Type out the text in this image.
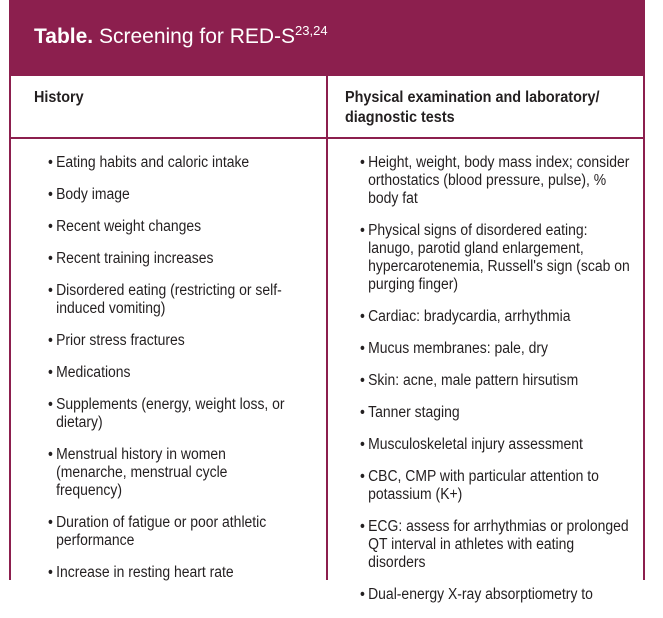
Table. Screening for RED-$S^{23,24}$
History	Physical examination and laboratory/ diagnostic tests
• Eating habits and caloric intake
• Body image
• Recent weight changes
• Recent training increases
• Disordered eating (restricting or self-induced vomiting)
• Prior stress fractures
• Medications
• Supplements (energy, weight loss, or dietary)
• Menstrual history in women (menarche, menstrual cycle frequency)
• Duration of fatigue or poor athletic performance
• Increase in resting heart rate
• Height, weight, body mass index; consider orthostatics (blood pressure, pulse), % body fat
• Physical signs of disordered eating: lanugo, parotid gland enlargement, hypercarotenemia, Russell's sign (scab on purging finger)
• Cardiac: bradycardia, arrhythmia
• Mucus membranes: pale, dry
• Skin: acne, male pattern hirsutism
• Tanner staging
• Musculoskeletal injury assessment
• CBC, CMP with particular attention to potassium (K+)
• ECG: assess for arrhythmias or prolonged QT interval in athletes with eating disorders
• Dual-energy X-ray absorptiometry to
